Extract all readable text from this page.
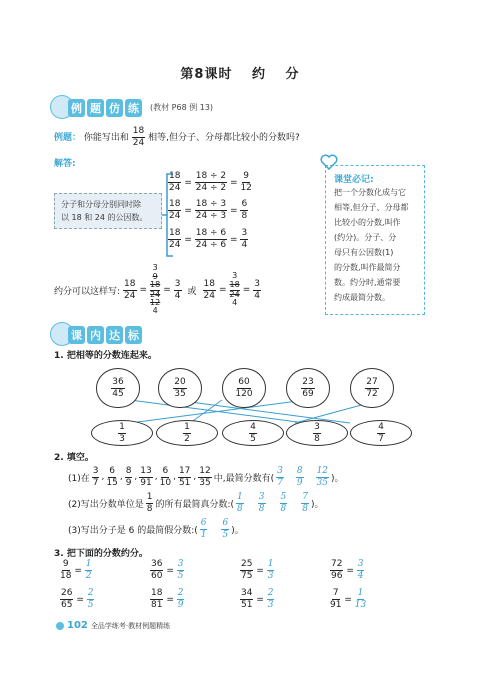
第8课时 约 分
例 题 仿 练	(教材 P68 例 13)
例题： 你能写出和 $\frac{18}{24}$ 相等,但分子、分母都比较小的分数吗?
解答:
分子和分母分别同时除
以 18 和 24 的公因数。
$\frac{18}{24} = \frac{18 \div 2}{24 \div 2} = \frac{9}{12}$
$\frac{18}{24} = \frac{18 \div 3}{24 \div 3} = \frac{6}{8}$
$\frac{18}{24} = \frac{18 \div 6}{24 \div 6} = \frac{3}{4}$
约分可以这样写: $\frac{18}{24}$ =
3
9
18
24
12
4
= $\frac{3}{4}$ 或 $\frac{18}{24}$ =
3
18
24
4
= $\frac{3}{4}$
课堂必记:
把一个分数化成与它
相等,但分子、分母都
比较小的分数,叫作
(约分)。分子、分
母只有公因数(1)
的分数,叫作最简分
数。约分时,通常要
约成最简分数。
课 内 达 标
1. 把相等的分数连起来。
$\frac{36}{45}$	$\frac{20}{35}$	$\frac{60}{120}$	$\frac{23}{69}$	$\frac{27}{72}$
$\frac{1}{3}$	$\frac{1}{2}$	$\frac{4}{5}$	$\frac{3}{8}$	$\frac{4}{7}$
2. 填空。
(1)在 $\frac{3}{7}$ , $\frac{6}{15}$ , $\frac{8}{9}$ , $\frac{13}{91}$ , $\frac{6}{10}$ , $\frac{17}{51}$ , $\frac{12}{35}$ 中,最简分数有( $\frac{3}{7} \frac{8}{9} \frac{12}{35}$ )。
(2)写出分数单位是 $\frac{1}{8}$ 的所有最简真分数:( $\frac{1}{8} \frac{3}{8} \frac{5}{8} \frac{7}{8}$ )。
(3)写出分子是 6 的最简假分数:( $\frac{6}{1} \frac{6}{5}$ )。
3. 把下面的分数约分。
$\frac{9}{18} = \frac{1}{2}$	$\frac{36}{60} = \frac{3}{5}$	$\frac{25}{75} = \frac{1}{3}$	$\frac{72}{96} = \frac{3}{4}$
$\frac{26}{65} = \frac{2}{5}$	$\frac{18}{81} = \frac{2}{9}$	$\frac{34}{51} = \frac{2}{3}$	$\frac{7}{91} = \frac{1}{13}$
102 全品学练考·教材例题精练
